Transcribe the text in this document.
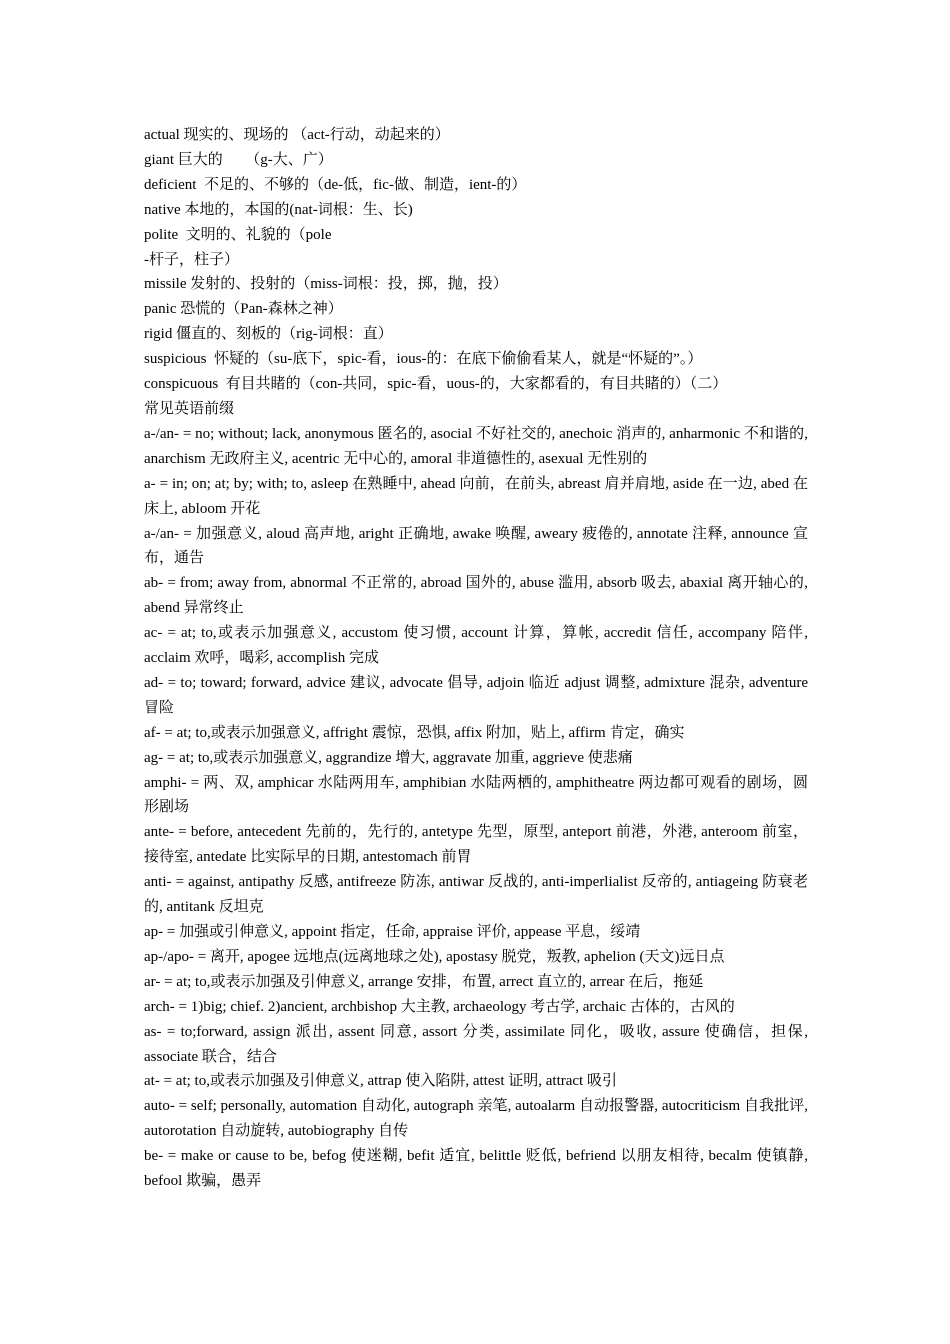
actual 现实的、现场的 （act-行动，动起来的）
giant 巨大的      （g-大、广）
deficient  不足的、不够的（de-低，fic-做、制造，ient-的）
native 本地的，本国的(nat-词根：生、长)
polite  文明的、礼貌的（pole
-杆子，柱子）
missile 发射的、投射的（miss-词根：投，掷，抛，投）
panic 恐慌的（Pan-森林之神）
rigid 僵直的、刻板的（rig-词根：直）
suspicious  怀疑的（su-底下，spic-看，ious-的：在底下偷偷看某人，就是“怀疑的”。）
conspicuous  有目共睹的（con-共同，spic-看，uous-的，大家都看的，有目共睹的）（二）
常见英语前缀
a-/an- = no; without; lack, anonymous 匿名的, asocial 不好社交的, anechoic 消声的, anharmonic 不和谐的, anarchism 无政府主义, acentric 无中心的, amoral 非道德性的, asexual 无性别的
a- = in; on; at; by; with; to, asleep 在熟睡中, ahead 向前，在前头, abreast 肩并肩地, aside 在一边, abed 在床上, abloom 开花
a-/an- = 加强意义, aloud 高声地, aright 正确地, awake 唤醒, aweary 疲倦的, annotate 注释, announce 宣布，通告
ab- = from; away from, abnormal 不正常的, abroad 国外的, abuse 滥用, absorb 吸去, abaxial 离开轴心的, abend 异常终止
ac- = at; to,或表示加强意义, accustom 使习惯, account 计算，算帐, accredit 信任, accompany 陪伴, acclaim 欢呼，喝彩, accomplish 完成
ad- = to; toward; forward, advice 建议, advocate 倡导, adjoin 临近 adjust 调整, admixture 混杂, adventure 冒险
af- = at; to,或表示加强意义, affright 震惊，恐惧, affix 附加，贴上, affirm 肯定，确实
ag- = at; to,或表示加强意义, aggrandize 增大, aggravate 加重, aggrieve 使悲痛
amphi- = 两、双, amphicar 水陆两用车, amphibian 水陆两栖的, amphitheatre 两边都可观看的剧场，圆形剧场
ante- = before, antecedent 先前的，先行的, antetype 先型，原型, anteport 前港，外港, anteroom 前室，接待室, antedate 比实际早的日期, antestomach 前胃
anti- = against, antipathy 反感, antifreeze 防冻, antiwar 反战的, anti-imperlialist 反帝的, antiageing 防衰老的, antitank 反坦克
ap- = 加强或引伸意义, appoint 指定，任命, appraise 评价, appease 平息，绥靖
ap-/apo- = 离开, apogee 远地点(远离地球之处), apostasy 脱党，叛教, aphelion (天文)远日点
ar- = at; to,或表示加强及引伸意义, arrange 安排，布置, arrect 直立的, arrear 在后，拖延
arch- = 1)big; chief. 2)ancient, archbishop 大主教, archaeology 考古学, archaic 古体的，古风的
as- = to;forward, assign 派出, assent 同意, assort 分类, assimilate 同化，吸收, assure 使确信，担保, associate 联合，结合
at- = at; to,或表示加强及引伸意义, attrap 使入陷阱, attest 证明, attract 吸引
auto- = self; personally, automation 自动化, autograph 亲笔, autoalarm 自动报警器, autocriticism 自我批评, autorotation 自动旋转, autobiography 自传
be- = make or cause to be, befog 使迷糊, befit 适宜, belittle 贬低, befriend 以朋友相待, becalm 使镇静, befool 欺骗，愚弄
